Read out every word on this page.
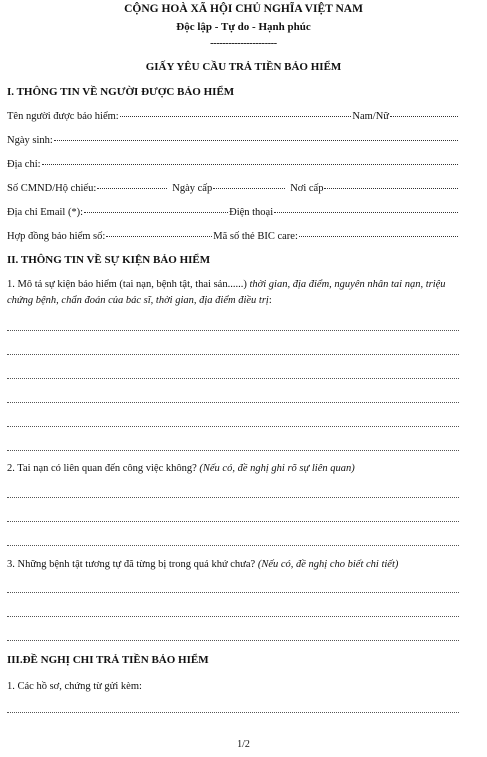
CỘNG HOÀ XÃ HỘI CHỦ NGHĨA VIỆT NAM
Độc lập - Tự do - Hạnh phúc
----------------------
GIẤY YÊU CẦU TRẢ TIỀN BẢO HIỂM
I. THÔNG TIN VỀ NGƯỜI ĐƯỢC BẢO HIỂM
Tên người được bảo hiểm:	Nam/Nữ
Ngày sinh:
Địa chỉ:
Số CMND/Hộ chiếu:	Ngày cấp	Nơi cấp
Địa chỉ Email (*):	Điện thoại
Hợp đồng bảo hiểm số:	Mã số thẻ BIC care:
II. THÔNG TIN VỀ SỰ KIỆN BẢO HIỂM
1. Mô tả sự kiện bảo hiểm (tai nạn, bệnh tật, thai sản......) thời gian, địa điểm, nguyên nhân tai nạn, triệu chứng bệnh, chẩn đoán của bác sĩ, thời gian, địa điểm điều trị:
2. Tai nạn có liên quan đến công việc không? (Nếu có, đề nghị ghi rõ sự liên quan)
3. Những bệnh tật tương tự đã từng bị trong quá khứ chưa? (Nếu có, đề nghị cho biết chi tiết)
III.ĐỀ NGHỊ CHI TRẢ TIỀN BẢO HIỂM
1. Các hồ sơ, chứng từ gửi kèm:
1/2
